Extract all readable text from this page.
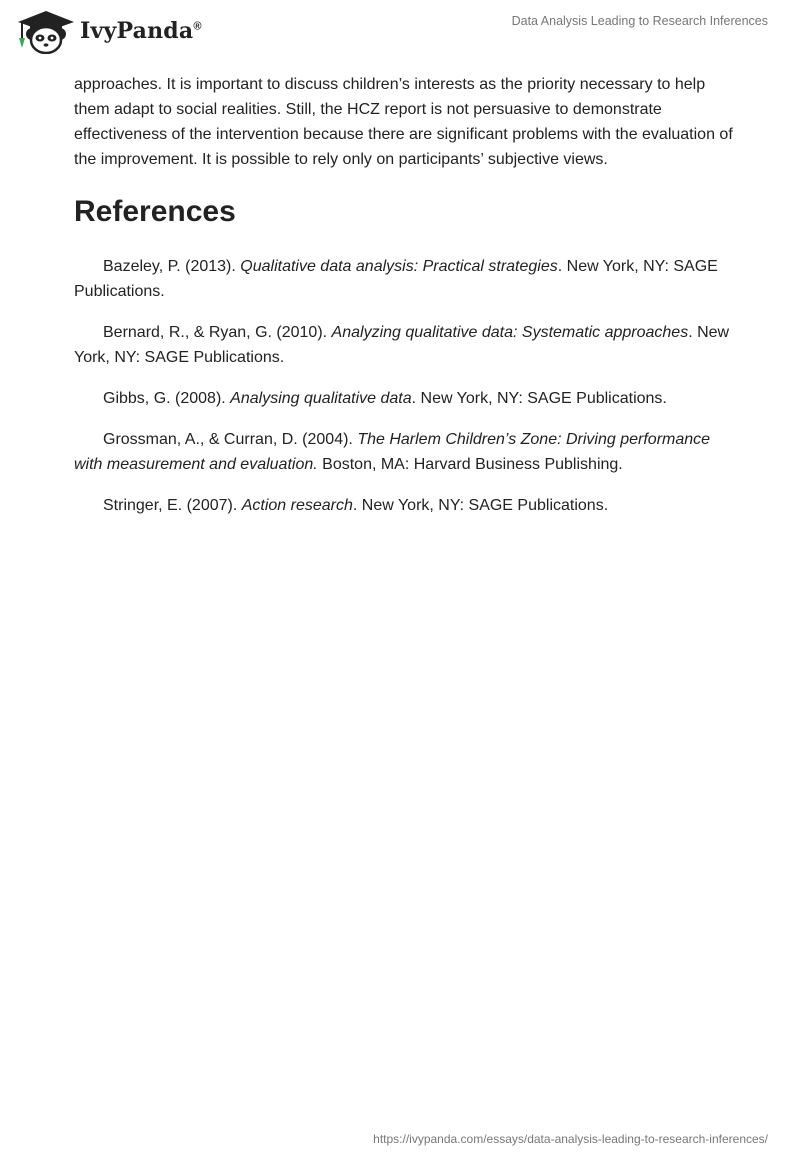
IvyPanda®	Data Analysis Leading to Research Inferences

approaches. It is important to discuss children’s interests as the priority necessary to help them adapt to social realities. Still, the HCZ report is not persuasive to demonstrate effectiveness of the intervention because there are significant problems with the evaluation of the improvement. It is possible to rely only on participants’ subjective views.

References

Bazeley, P. (2013). Qualitative data analysis: Practical strategies. New York, NY: SAGE Publications.

Bernard, R., & Ryan, G. (2010). Analyzing qualitative data: Systematic approaches. New York, NY: SAGE Publications.

Gibbs, G. (2008). Analysing qualitative data. New York, NY: SAGE Publications.

Grossman, A., & Curran, D. (2004). The Harlem Children’s Zone: Driving performance with measurement and evaluation. Boston, MA: Harvard Business Publishing.

Stringer, E. (2007). Action research. New York, NY: SAGE Publications.

https://ivypanda.com/essays/data-analysis-leading-to-research-inferences/
